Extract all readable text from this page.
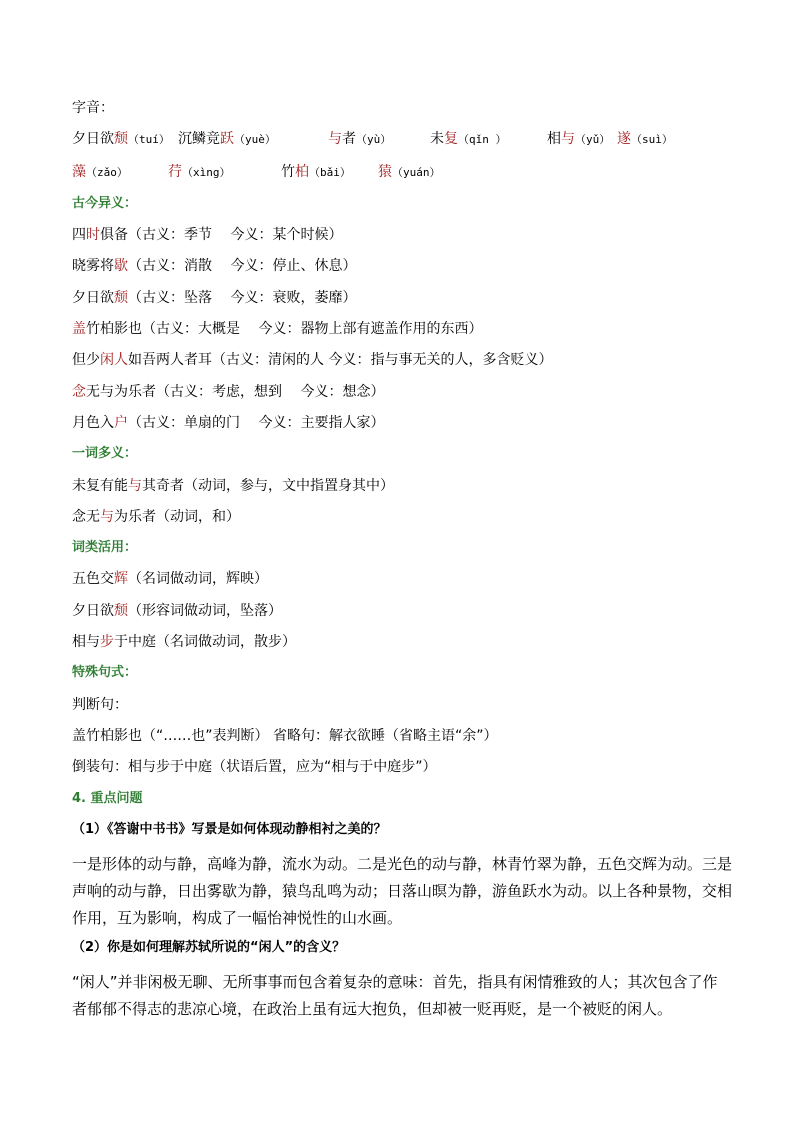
字音：
夕日欲颓（tuí） 沉鳞竞跃（yuè）	与者（yù）	未复（qǐn ）	相与（yǔ） 遂（suì）
藻（zǎo）	荇（xìng）	竹柏（bǎi） 猿（yuán）
古今异义：
四时俱备（古义：季节　 今义：某个时候）
晓雾将歇（古义：消散　 今义：停止、休息）
夕日欲颓（古义：坠落　 今义：衰败，萎靡）
盖竹柏影也（古义：大概是　 今义：器物上部有遮盖作用的东西）
但少闲人如吾两人者耳（古义：清闲的人 今义：指与事无关的人，多含贬义）
念无与为乐者（古义：考虑，想到　 今义：想念）
月色入户（古义：单扇的门　 今义：主要指人家）
一词多义：
未复有能与其奇者（动词，参与，文中指置身其中）
念无与为乐者（动词，和）
词类活用：
五色交辉（名词做动词，辉映）
夕日欲颓（形容词做动词，坠落）
相与步于中庭（名词做动词，散步）
特殊句式：
判断句：
盖竹柏影也（“……也”表判断） 省略句：解衣欲睡（省略主语“余”）
倒装句：相与步于中庭（状语后置，应为“相与于中庭步”）
4. 重点问题
（1）《答谢中书书》写景是如何体现动静相衬之美的？
一是形体的动与静，高峰为静，流水为动。二是光色的动与静，林青竹翠为静，五色交辉为动。三是声响的动与静，日出雾歇为静，猿鸟乱鸣为动；日落山暝为静，游鱼跃水为动。以上各种景物，交相作用，互为影响，构成了一幅怡神悦性的山水画。
（2）你是如何理解苏轼所说的“闲人”的含义？
“闲人”并非闲极无聊、无所事事而包含着复杂的意味：首先，指具有闲情雅致的人；其次包含了作者郁郁不得志的悲凉心境，在政治上虽有远大抱负，但却被一贬再贬，是一个被贬的闲人。
